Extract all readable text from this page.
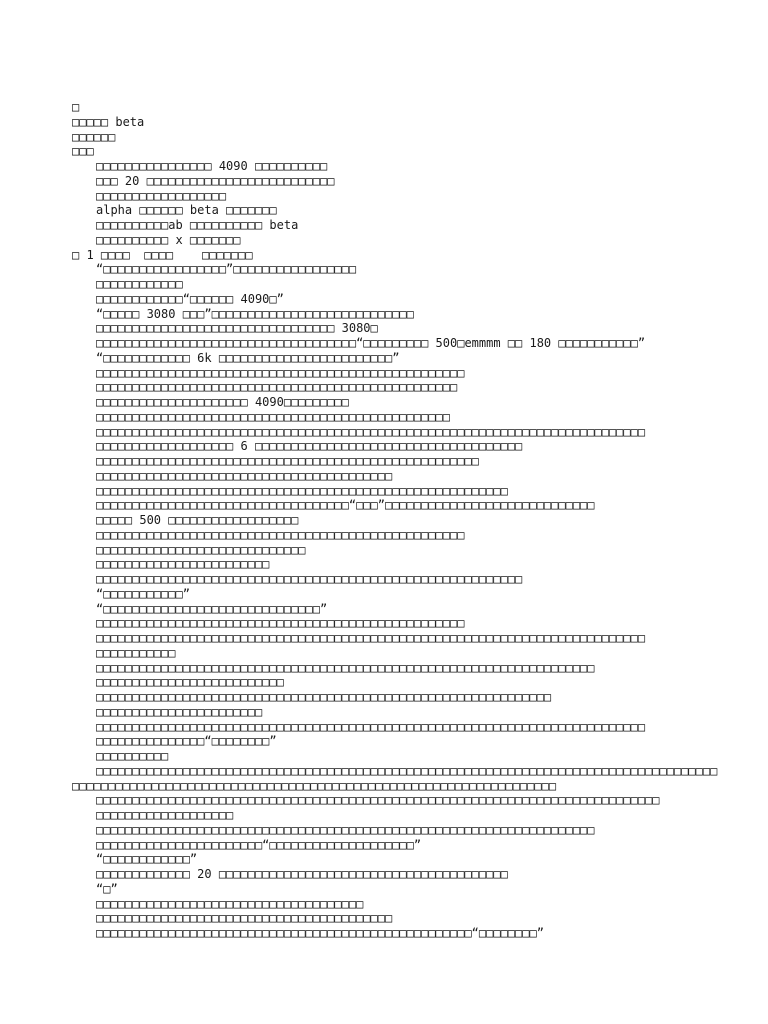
□
□□□□□ beta
□□□□□□
□□□
□□□□□□□□□□□□□□□□ 4090 □□□□□□□□□□
□□□ 20 □□□□□□□□□□□□□□□□□□□□□□□□□□
□□□□□□□□□□□□□□□□□□
alpha □□□□□□ beta □□□□□□□
□□□□□□□□□□ab □□□□□□□□□□ beta
□□□□□□□□□□ x □□□□□□□
□ 1 □□□□  □□□□    □□□□□□□
“□□□□□□□□□□□□□□□□□”□□□□□□□□□□□□□□□□□
□□□□□□□□□□□□
□□□□□□□□□□□□“□□□□□□ 4090□”
“□□□□□ 3080 □□□”□□□□□□□□□□□□□□□□□□□□□□□□□□□□
□□□□□□□□□□□□□□□□□□□□□□□□□□□□□□□□□ 3080□
□□□□□□□□□□□□□□□□□□□□□□□□□□□□□□□□□□□□“□□□□□□□□□ 500□emmmm □□ 180 □□□□□□□□□□□”
“□□□□□□□□□□□□ 6k □□□□□□□□□□□□□□□□□□□□□□□□”
□□□□□□□□□□□□□□□□□□□□□□□□□□□□□□□□□□□□□□□□□□□□□□□□□□□
□□□□□□□□□□□□□□□□□□□□□□□□□□□□□□□□□□□□□□□□□□□□□□□□□□
□□□□□□□□□□□□□□□□□□□□□ 4090□□□□□□□□□
□□□□□□□□□□□□□□□□□□□□□□□□□□□□□□□□□□□□□□□□□□□□□□□□□
□□□□□□□□□□□□□□□□□□□□□□□□□□□□□□□□□□□□□□□□□□□□□□□□□□□□□□□□□□□□□□□□□□□□□□□□□□□□
□□□□□□□□□□□□□□□□□□□ 6 □□□□□□□□□□□□□□□□□□□□□□□□□□□□□□□□□□□□□
□□□□□□□□□□□□□□□□□□□□□□□□□□□□□□□□□□□□□□□□□□□□□□□□□□□□□
□□□□□□□□□□□□□□□□□□□□□□□□□□□□□□□□□□□□□□□□□
□□□□□□□□□□□□□□□□□□□□□□□□□□□□□□□□□□□□□□□□□□□□□□□□□□□□□□□□□
□□□□□□□□□□□□□□□□□□□□□□□□□□□□□□□□□□□“□□□”□□□□□□□□□□□□□□□□□□□□□□□□□□□□□
□□□□□ 500 □□□□□□□□□□□□□□□□□□
□□□□□□□□□□□□□□□□□□□□□□□□□□□□□□□□□□□□□□□□□□□□□□□□□□□
□□□□□□□□□□□□□□□□□□□□□□□□□□□□□
□□□□□□□□□□□□□□□□□□□□□□□□
□□□□□□□□□□□□□□□□□□□□□□□□□□□□□□□□□□□□□□□□□□□□□□□□□□□□□□□□□□□
“□□□□□□□□□□□”
“□□□□□□□□□□□□□□□□□□□□□□□□□□□□□□”
□□□□□□□□□□□□□□□□□□□□□□□□□□□□□□□□□□□□□□□□□□□□□□□□□□□
□□□□□□□□□□□□□□□□□□□□□□□□□□□□□□□□□□□□□□□□□□□□□□□□□□□□□□□□□□□□□□□□□□□□□□□□□□□□
□□□□□□□□□□□
□□□□□□□□□□□□□□□□□□□□□□□□□□□□□□□□□□□□□□□□□□□□□□□□□□□□□□□□□□□□□□□□□□□□□
□□□□□□□□□□□□□□□□□□□□□□□□□□
□□□□□□□□□□□□□□□□□□□□□□□□□□□□□□□□□□□□□□□□□□□□□□□□□□□□□□□□□□□□□□□
□□□□□□□□□□□□□□□□□□□□□□□
□□□□□□□□□□□□□□□□□□□□□□□□□□□□□□□□□□□□□□□□□□□□□□□□□□□□□□□□□□□□□□□□□□□□□□□□□□□□
□□□□□□□□□□□□□□□“□□□□□□□□”
□□□□□□□□□□
□□□□□□□□□□□□□□□□□□□□□□□□□□□□□□□□□□□□□□□□□□□□□□□□□□□□□□□□□□□□□□□□□□□□□□□□□□□□□□□□□□□□□□
□□□□□□□□□□□□□□□□□□□□□□□□□□□□□□□□□□□□□□□□□□□□□□□□□□□□□□□□□□□□□□□□□□□
□□□□□□□□□□□□□□□□□□□□□□□□□□□□□□□□□□□□□□□□□□□□□□□□□□□□□□□□□□□□□□□□□□□□□□□□□□□□□□
□□□□□□□□□□□□□□□□□□□
□□□□□□□□□□□□□□□□□□□□□□□□□□□□□□□□□□□□□□□□□□□□□□□□□□□□□□□□□□□□□□□□□□□□□
□□□□□□□□□□□□□□□□□□□□□□□“□□□□□□□□□□□□□□□□□□□□”
“□□□□□□□□□□□□”
□□□□□□□□□□□□□ 20 □□□□□□□□□□□□□□□□□□□□□□□□□□□□□□□□□□□□□□□□
“□”
□□□□□□□□□□□□□□□□□□□□□□□□□□□□□□□□□□□□□
□□□□□□□□□□□□□□□□□□□□□□□□□□□□□□□□□□□□□□□□□
□□□□□□□□□□□□□□□□□□□□□□□□□□□□□□□□□□□□□□□□□□□□□□□□□□□□“□□□□□□□□”
